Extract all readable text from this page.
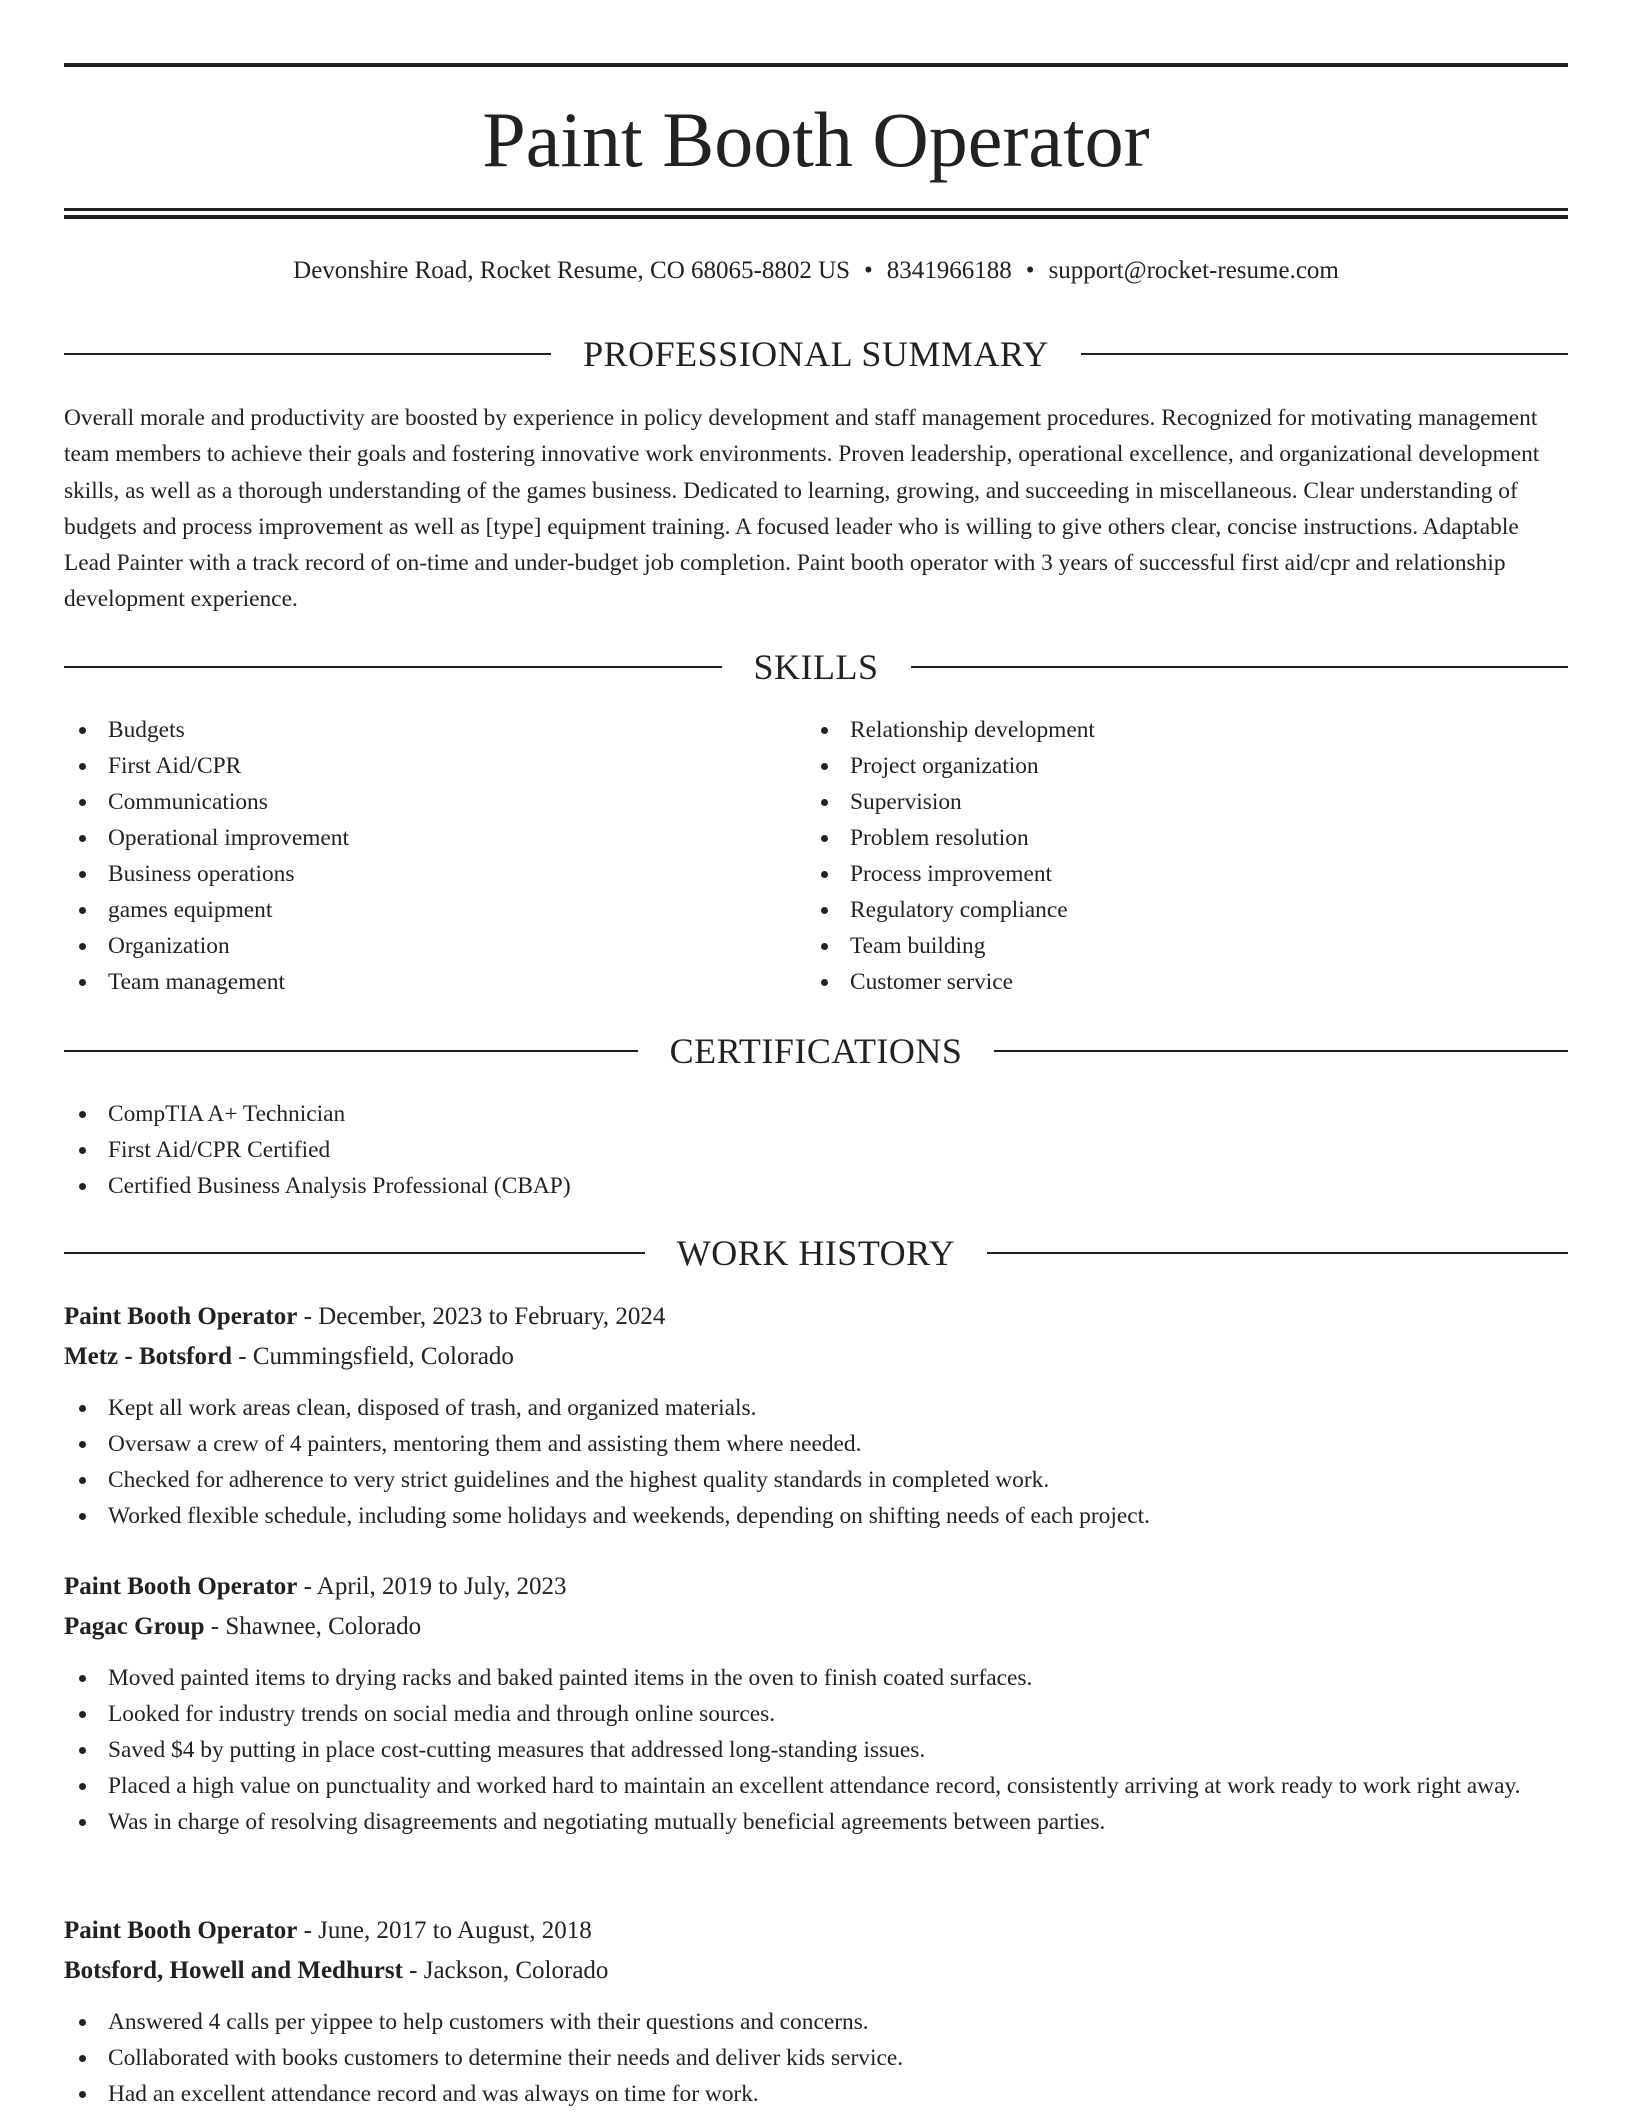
Paint Booth Operator
Devonshire Road, Rocket Resume, CO 68065-8802 US • 8341966188 • support@rocket-resume.com
PROFESSIONAL SUMMARY

Overall morale and productivity are boosted by experience in policy development and staff management procedures. Recognized for motivating management team members to achieve their goals and fostering innovative work environments. Proven leadership, operational excellence, and organizational development skills, as well as a thorough understanding of the games business. Dedicated to learning, growing, and succeeding in miscellaneous. Clear understanding of budgets and process improvement as well as [type] equipment training. A focused leader who is willing to give others clear, concise instructions. Adaptable Lead Painter with a track record of on-time and under-budget job completion. Paint booth operator with 3 years of successful first aid/cpr and relationship development experience.

SKILLS
Budgets
First Aid/CPR
Communications
Operational improvement
Business operations
games equipment
Organization
Team management
Relationship development
Project organization
Supervision
Problem resolution
Process improvement
Regulatory compliance
Team building
Customer service
CERTIFICATIONS
CompTIA A+ Technician
First Aid/CPR Certified
Certified Business Analysis Professional (CBAP)
WORK HISTORY
Paint Booth Operator - December, 2023 to February, 2024
Metz - Botsford - Cummingsfield, Colorado
Kept all work areas clean, disposed of trash, and organized materials.
Oversaw a crew of 4 painters, mentoring them and assisting them where needed.
Checked for adherence to very strict guidelines and the highest quality standards in completed work.
Worked flexible schedule, including some holidays and weekends, depending on shifting needs of each project.
Paint Booth Operator - April, 2019 to July, 2023
Pagac Group - Shawnee, Colorado
Moved painted items to drying racks and baked painted items in the oven to finish coated surfaces.
Looked for industry trends on social media and through online sources.
Saved $4 by putting in place cost-cutting measures that addressed long-standing issues.
Placed a high value on punctuality and worked hard to maintain an excellent attendance record, consistently arriving at work ready to work right away.
Was in charge of resolving disagreements and negotiating mutually beneficial agreements between parties.
Paint Booth Operator - June, 2017 to August, 2018
Botsford, Howell and Medhurst - Jackson, Colorado
Answered 4 calls per yippee to help customers with their questions and concerns.
Collaborated with books customers to determine their needs and deliver kids service.
Had an excellent attendance record and was always on time for work.
